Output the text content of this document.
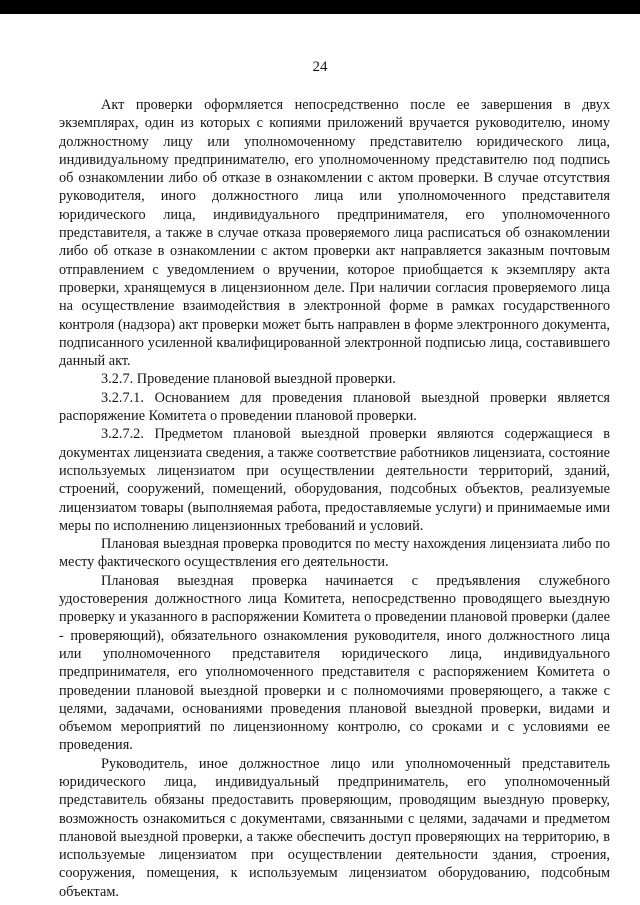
24

Акт проверки оформляется непосредственно после ее завершения в двух экземплярах, один из которых с копиями приложений вручается руководителю, иному должностному лицу или уполномоченному представителю юридического лица, индивидуальному предпринимателю, его уполномоченному представителю под подпись об ознакомлении либо об отказе в ознакомлении с актом проверки. В случае отсутствия руководителя, иного должностного лица или уполномоченного представителя юридического лица, индивидуального предпринимателя, его уполномоченного представителя, а также в случае отказа проверяемого лица расписаться об ознакомлении либо об отказе в ознакомлении с актом проверки акт направляется заказным почтовым отправлением с уведомлением о вручении, которое приобщается к экземпляру акта проверки, хранящемуся в лицензионном деле. При наличии согласия проверяемого лица на осуществление взаимодействия в электронной форме в рамках государственного контроля (надзора) акт проверки может быть направлен в форме электронного документа, подписанного усиленной квалифицированной электронной подписью лица, составившего данный акт.

3.2.7. Проведение плановой выездной проверки.

3.2.7.1. Основанием для проведения плановой выездной проверки является распоряжение Комитета о проведении плановой проверки.

3.2.7.2. Предметом плановой выездной проверки являются содержащиеся в документах лицензиата сведения, а также соответствие работников лицензиата, состояние используемых лицензиатом при осуществлении деятельности территорий, зданий, строений, сооружений, помещений, оборудования, подсобных объектов, реализуемые лицензиатом товары (выполняемая работа, предоставляемые услуги) и принимаемые ими меры по исполнению лицензионных требований и условий.

Плановая выездная проверка проводится по месту нахождения лицензиата либо по месту фактического осуществления его деятельности.

Плановая выездная проверка начинается с предъявления служебного удостоверения должностного лица Комитета, непосредственно проводящего выездную проверку и указанного в распоряжении Комитета о проведении плановой проверки (далее - проверяющий), обязательного ознакомления руководителя, иного должностного лица или уполномоченного представителя юридического лица, индивидуального предпринимателя, его уполномоченного представителя с распоряжением Комитета о проведении плановой выездной проверки и с полномочиями проверяющего, а также с целями, задачами, основаниями проведения плановой выездной проверки, видами и объемом мероприятий по лицензионному контролю, со сроками и с условиями ее проведения.

Руководитель, иное должностное лицо или уполномоченный представитель юридического лица, индивидуальный предприниматель, его уполномоченный представитель обязаны предоставить проверяющим, проводящим выездную проверку, возможность ознакомиться с документами, связанными с целями, задачами и предметом плановой выездной проверки, а также обеспечить доступ проверяющих на территорию, в используемые лицензиатом при осуществлении деятельности здания, строения, сооружения, помещения, к используемым лицензиатом оборудованию, подсобным объектам.
